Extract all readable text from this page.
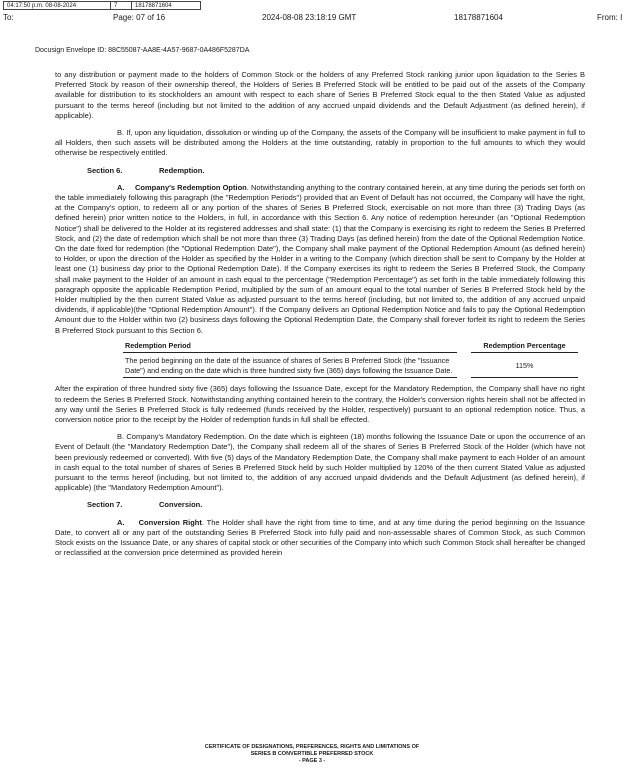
04:17:50 p.m. 08-08-2024	7	18178871604
To:	Page: 07 of 16	2024-08-08 23:18:19 GMT	18178871604	From: I
Docusign Envelope ID: 88C55087-AA8E-4A57-9687-0A486F5287DA

to any distribution or payment made to the holders of Common Stock or the holders of any Preferred Stock ranking junior upon liquidation to the Series B Preferred Stock by reason of their ownership thereof, the Holders of Series B Preferred Stock will be entitled to be paid out of the assets of the Company available for distribution to its stockholders an amount with respect to each share of Series B Preferred Stock equal to the then Stated Value as adjusted pursuant to the terms hereof (including but not limited to the addition of any accrued unpaid dividends and the Default Adjustment (as defined herein), if applicable).

B. If, upon any liquidation, dissolution or winding up of the Company, the assets of the Company will be insufficient to make payment in full to all Holders, then such assets will be distributed among the Holders at the time outstanding, ratably in proportion to the full amounts to which they would otherwise be respectively entitled.

Section 6.	Redemption.

A. Company's Redemption Option. Notwithstanding anything to the contrary contained herein, at any time during the periods set forth on the table immediately following this paragraph (the "Redemption Periods") provided that an Event of Default has not occurred, the Company will have the right, at the Company's option, to redeem all or any portion of the shares of Series B Preferred Stock, exercisable on not more than three (3) Trading Days (as defined herein) prior written notice to the Holders, in full, in accordance with this Section 6. Any notice of redemption hereunder (an "Optional Redemption Notice") shall be delivered to the Holder at its registered addresses and shall state: (1) that the Company is exercising its right to redeem the Series B Preferred Stock, and (2) the date of redemption which shall be not more than three (3) Trading Days (as defined herein) from the date of the Optional Redemption Notice. On the date fixed for redemption (the "Optional Redemption Date"), the Company shall make payment of the Optional Redemption Amount (as defined herein) to Holder, or upon the direction of the Holder as specified by the Holder in a writing to the Company (which direction shall be sent to Company by the Holder at least one (1) business day prior to the Optional Redemption Date). If the Company exercises its right to redeem the Series B Preferred Stock, the Company shall make payment to the Holder of an amount in cash equal to the percentage ("Redemption Percentage") as set forth in the table immediately following this paragraph opposite the applicable Redemption Period, multiplied by the sum of an amount equal to the total number of Series B Preferred Stock held by the Holder multiplied by the then current Stated Value as adjusted pursuant to the terms hereof (including, but not limited to, the addition of any accrued unpaid dividends, if applicable)(the "Optional Redemption Amount"). If the Company delivers an Optional Redemption Notice and fails to pay the Optional Redemption Amount due to the Holder within two (2) business days following the Optional Redemption Date, the Company shall forever forfeit its right to redeem the Series B Preferred Stock pursuant to this Section 6.

Redemption Period		Redemption Percentage
The period beginning on the date of the issuance of shares of Series B Preferred Stock (the "Issuance Date") and ending on the date which is three hundred sixty five (365) days following the Issuance Date.		115%

After the expiration of three hundred sixty five (365) days following the Issuance Date, except for the Mandatory Redemption, the Company shall have no right to redeem the Series B Preferred Stock. Notwithstanding anything contained herein to the contrary, the Holder's conversion rights herein shall not be affected in any way until the Series B Preferred Stock is fully redeemed (funds received by the Holder, respectively) pursuant to an optional redemption notice. Thus, a conversion notice prior to the receipt by the Holder of redemption funds in full shall be effected.

B. Company's Mandatory Redemption. On the date which is eighteen (18) months following the Issuance Date or upon the occurrence of an Event of Default (the "Mandatory Redemption Date"), the Company shall redeem all of the shares of Series B Preferred Stock of the Holder (which have not been previously redeemed or converted). With five (5) days of the Mandatory Redemption Date, the Company shall make payment to each Holder of an amount in cash equal to the total number of shares of Series B Preferred Stock held by such Holder multiplied by 120% of the then current Stated Value as adjusted pursuant to the terms hereof (including, but not limited to, the addition of any accrued unpaid dividends and the Default Adjustment (as defined herein), if applicable) (the "Mandatory Redemption Amount").

Section 7.	Conversion.

A. Conversion Right. The Holder shall have the right from time to time, and at any time during the period beginning on the Issuance Date, to convert all or any part of the outstanding Series B Preferred Stock into fully paid and non-assessable shares of Common Stock, as such Common Stock exists on the Issuance Date, or any shares of capital stock or other securities of the Company into which such Common Stock shall hereafter be changed or reclassified at the conversion price determined as provided herein

CERTIFICATE OF DESIGNATIONS, PREFERENCES, RIGHTS AND LIMITATIONS OF
SERIES B CONVERTIBLE PREFERRED STOCK
- PAGE 3 -
